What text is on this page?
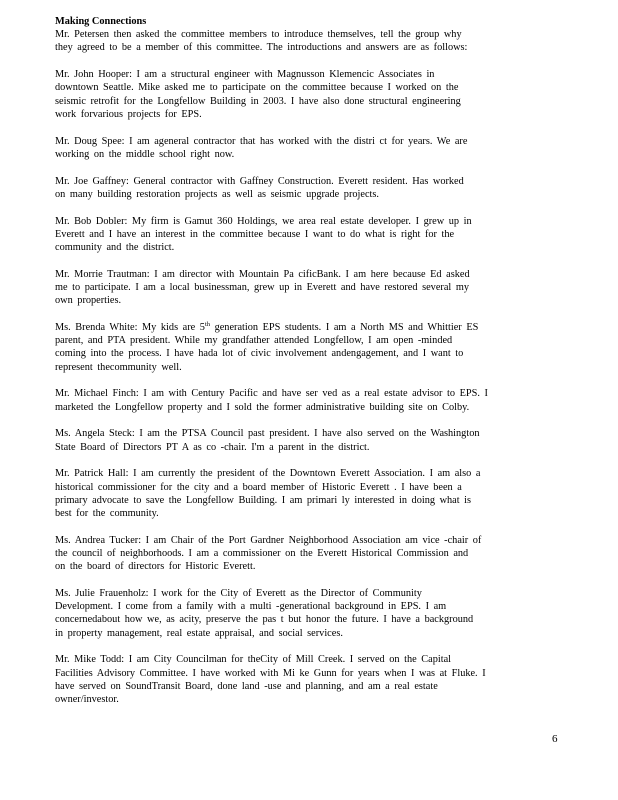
Making Connections

Mr. Petersen then asked the committee members to introduce themselves, tell the group why
they agreed to be a member of this committee. The introductions and answers are as follows:

Mr. John Hooper: I am a structural engineer with Magnusson Klemencic Associates in
downtown Seattle. Mike asked me to participate on the committee because I worked on the
seismic retrofit for the Longfellow Building in 2003. I have also done structural engineering
work forvarious projects for EPS.

Mr. Doug Spee: I am ageneral contractor that has worked with the distri ct for years. We are
working on the middle school right now.

Mr. Joe Gaffney: General contractor with Gaffney Construction. Everett resident. Has worked
on many building restoration projects as well as seismic upgrade projects.

Mr. Bob Dobler: My firm is Gamut 360 Holdings, we area real estate developer. I grew up in
Everett and I have an interest in the committee because I want to do what is right for the
community and the district.

Mr. Morrie Trautman: I am director with Mountain Pa cificBank. I am here because Ed asked
me to participate. I am a local businessman, grew up in Everett and have restored several my
own properties.

Ms. Brenda White: My kids are 5th generation EPS students. I am a North MS and Whittier ES
parent, and PTA president. While my grandfather attended Longfellow, I am open -minded
coming into the process. I have hada lot of civic involvement andengagement, and I want to
represent thecommunity well.

Mr. Michael Finch: I am with Century Pacific and have ser ved as a real estate advisor to EPS. I
marketed the Longfellow property and I sold the former administrative building site on Colby.

Ms. Angela Steck: I am the PTSA Council past president. I have also served on the Washington
State Board of Directors PT A as co -chair. I'm a parent in the district.

Mr. Patrick Hall: I am currently the president of the Downtown Everett Association. I am also a
historical commissioner for the city and a board member of Historic Everett . I have been a
primary advocate to save the Longfellow Building. I am primari ly interested in doing what is
best for the community.

Ms. Andrea Tucker: I am Chair of the Port Gardner Neighborhood Association am vice -chair of
the council of neighborhoods. I am a commissioner on the Everett Historical Commission and
on the board of directors for Historic Everett.

Ms. Julie Frauenholz: I work for the City of Everett as the Director of Community
Development. I come from a family with a multi -generational background in EPS. I am
concernedabout how we, as acity, preserve the pas t but honor the future. I have a background
in property management, real estate appraisal, and social services.

Mr. Mike Todd: I am City Councilman for theCity of Mill Creek. I served on the Capital
Facilities Advisory Committee. I have worked with Mi ke Gunn for years when I was at Fluke. I
have served on SoundTransit Board, done land -use and planning, and am a real estate
owner/investor.

6
